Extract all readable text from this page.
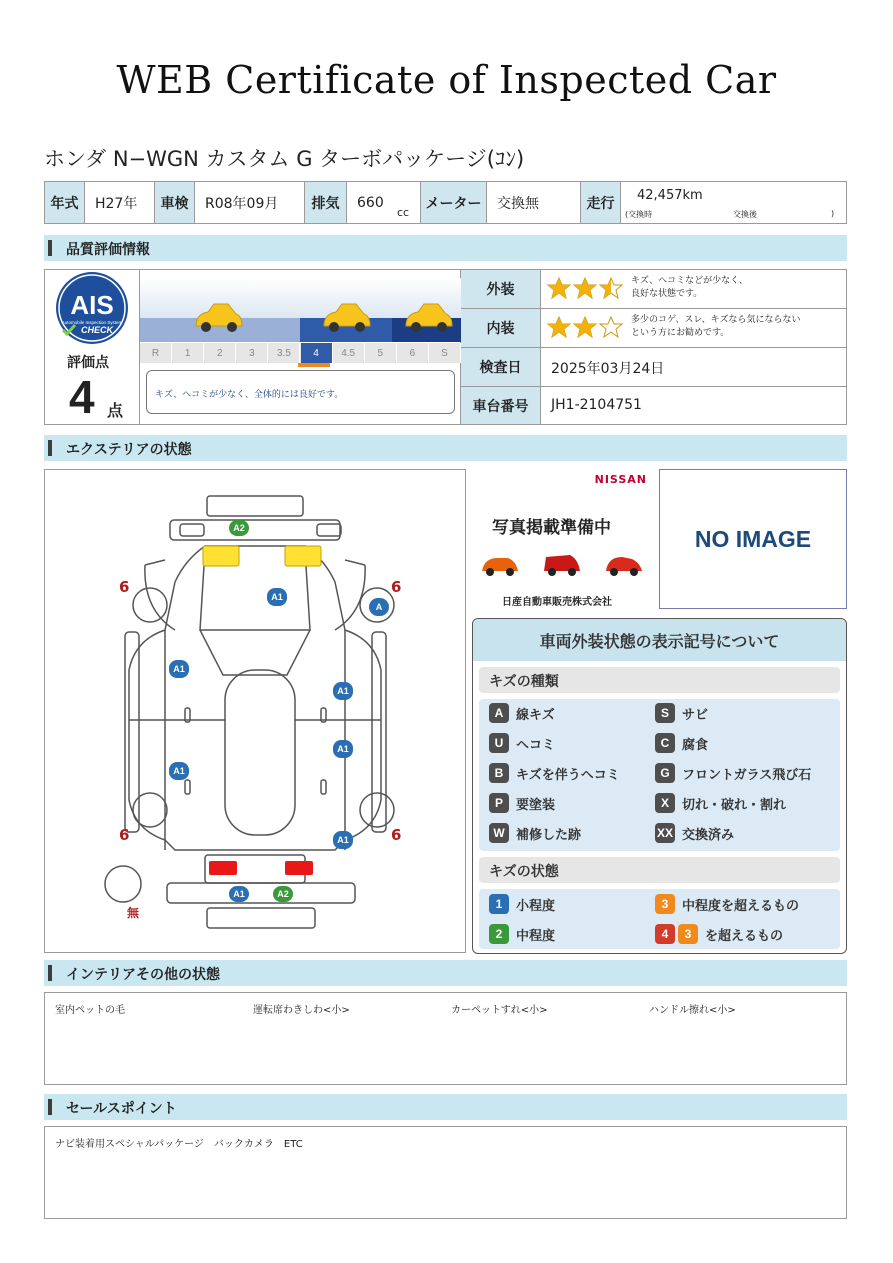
WEB Certificate of Inspected Car
ホンダ N−WGN カスタム G ターボパッケージ(ｺﾝ)
年式	H27年	車検	R08年09月	排気	660
cc
メーター	交換無	走行	42,457km
(交換時	交換後	)
品質評価情報
AIS
Automobile Inspection System
CHECK
評価点
4 点
R	1	2	3	3.5	4	4.5	5	6	S
キズ、ヘコミが少なく、全体的には良好です。
外装
キズ、ヘコミなどが少なく、
良好な状態です。
内装
多少のコゲ、スレ、キズなら気にならない
という方にお勧めです。
検査日	2025年03月24日
車台番号	JH1-2104751
エクステリアの状態
6	6
6	6
無
A2
A1
A
A1
A1
A1
A1
A1
A1	A2
NISSAN
写真掲載準備中
日産自動車販売株式会社
NO IMAGE
車両外装状態の表示記号について
キズの種類
キズの状態
A 線キズ	S	サビ
U ヘコミ	C 腐食
B キズを伴うヘコミ	G フロントガラス飛び石
P	要塗装	X	切れ・破れ・割れ
W 補修した跡	XX 交換済み
1	小程度	3	中程度を超えるもの
2	中程度	4	3	を超えるもの
インテリアその他の状態
室内ペットの毛	運転席わきしわ<小>	カーペットすれ<小>	ハンドル擦れ<小>
セールスポイント
ナビ装着用スペシャルパッケージ　バックカメラ　ETC
